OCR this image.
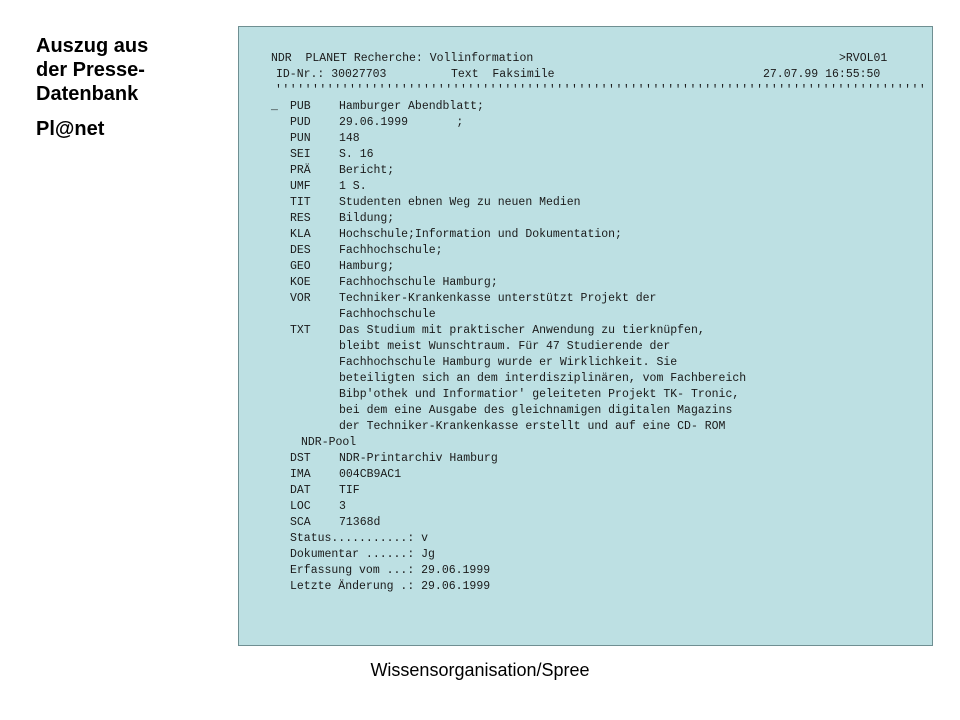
Auszug aus
der Presse-
Datenbank
Pl@net

NDR  PLANET Recherche: Vollinformation

	>RVOL01

ID-Nr.: 30027703

	Text  Faksimile

	27.07.99 16:55:50

''''''''''''''''''''''''''''''''''''''''''''''''''''''''''''''''''''''''''''''''''''''''

_ PUB Hamburger Abendblatt;
PUD 29.06.1999       ;
PUN 148
SEI S. 16
PRÄ Bericht;
UMF 1 S.
TIT Studenten ebnen Weg zu neuen Medien
RES Bildung;
KLA Hochschule;Information und Dokumentation;
DES Fachhochschule;
GEO Hamburg;
KOE Fachhochschule Hamburg;
VOR Techniker-Krankenkasse unterstützt Projekt der
Fachhochschule
TXT Das Studium mit praktischer Anwendung zu tierknüpfen,
bleibt meist Wunschtraum. Für 47 Studierende der
Fachhochschule Hamburg wurde er Wirklichkeit. Sie
beteiligten sich an dem interdisziplinären, vom Fachbereich
Bibp'othek und Informatior' geleiteten Projekt TK- Tronic,
bei dem eine Ausgabe des gleichnamigen digitalen Magazins
der Techniker-Krankenkasse erstellt und auf eine CD- ROM

NDR-Pool

DST NDR-Printarchiv Hamburg
IMA 004CB9AC1
DAT TIF
LOC 3
SCA 71368d
Status...........: v
Dokumentar ......: Jg
Erfassung vom ...: 29.06.1999
Letzte Änderung .: 29.06.1999
Wissensorganisation/Spree
